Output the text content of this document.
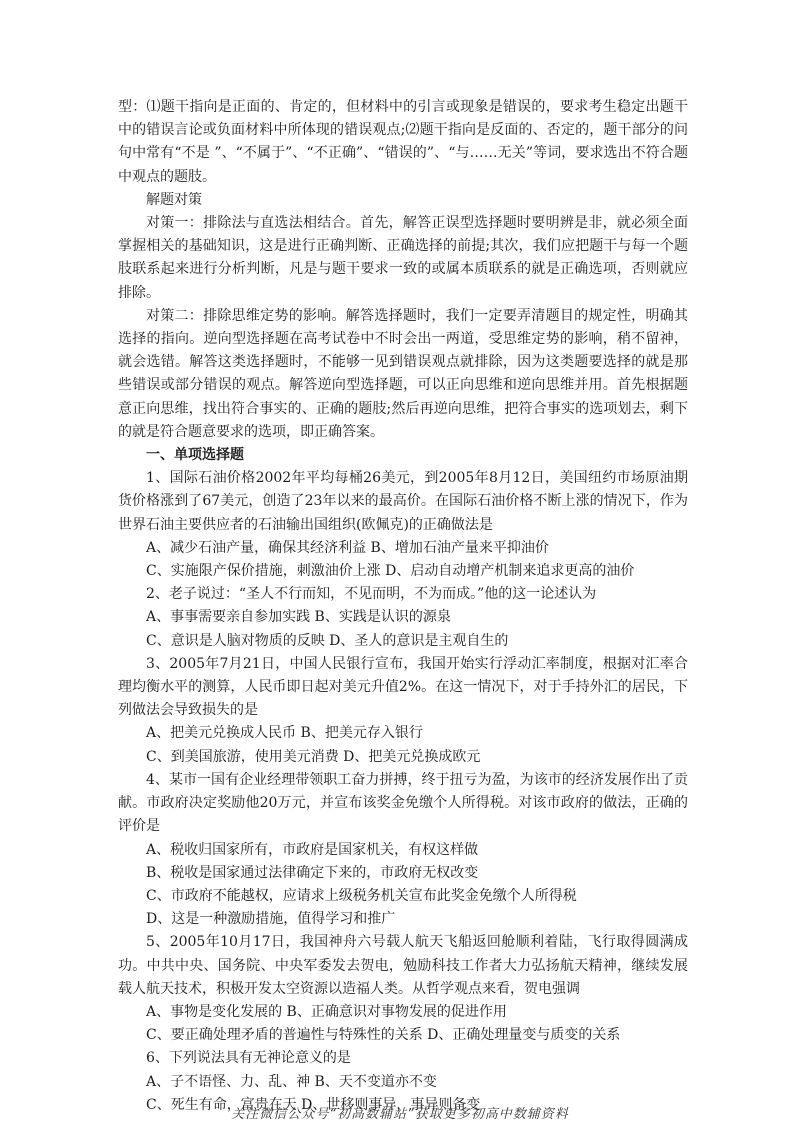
型：⑴题干指向是正面的、肯定的，但材料中的引言或现象是错误的，要求考生稳定出题干中的错误言论或负面材料中所体现的错误观点;⑵题干指向是反面的、否定的，题干部分的问句中常有“不是 ”、“不属于”、“不正确”、“错误的”、“与……无关”等词，要求选出不符合题中观点的题肢。

解题对策

对策一：排除法与直选法相结合。首先，解答正误型选择题时要明辨是非，就必须全面掌握相关的基础知识，这是进行正确判断、正确选择的前提;其次，我们应把题干与每一个题肢联系起来进行分析判断，凡是与题干要求一致的或属本质联系的就是正确选项，否则就应排除。

对策二：排除思维定势的影响。解答选择题时，我们一定要弄清题目的规定性，明确其选择的指向。逆向型选择题在高考试卷中不时会出一两道，受思维定势的影响，稍不留神，就会选错。解答这类选择题时，不能够一见到错误观点就排除，因为这类题要选择的就是那些错误或部分错误的观点。解答逆向型选择题，可以正向思维和逆向思维并用。首先根据题意正向思维，找出符合事实的、正确的题肢;然后再逆向思维，把符合事实的选项划去，剩下的就是符合题意要求的选项，即正确答案。

一、单项选择题

1、国际石油价格2002年平均每桶26美元，到2005年8月12日，美国纽约市场原油期货价格涨到了67美元，创造了23年以来的最高价。在国际石油价格不断上涨的情况下，作为世界石油主要供应者的石油输出国组织(欧佩克)的正确做法是

A、减少石油产量，确保其经济利益 B、增加石油产量来平抑油价

C、实施限产保价措施，刺激油价上涨 D、启动自动增产机制来追求更高的油价

2、老子说过：“圣人不行而知，不见而明，不为而成。”他的这一论述认为

A、事事需要亲自参加实践 B、实践是认识的源泉

C、意识是人脑对物质的反映 D、圣人的意识是主观自生的

3、2005年7月21日，中国人民银行宣布，我国开始实行浮动汇率制度，根据对汇率合理均衡水平的测算，人民币即日起对美元升值2%。在这一情况下，对于手持外汇的居民，下列做法会导致损失的是

A、把美元兑换成人民币 B、把美元存入银行

C、到美国旅游，使用美元消费 D、把美元兑换成欧元

4、某市一国有企业经理带领职工奋力拼搏，终于扭亏为盈，为该市的经济发展作出了贡献。市政府决定奖励他20万元，并宣布该奖金免缴个人所得税。对该市政府的做法，正确的评价是

A、税收归国家所有，市政府是国家机关，有权这样做

B、税收是国家通过法律确定下来的，市政府无权改变

C、市政府不能越权，应请求上级税务机关宣布此奖金免缴个人所得税

D、这是一种激励措施，值得学习和推广

5、2005年10月17日，我国神舟六号载人航天飞船返回舱顺利着陆，飞行取得圆满成功。中共中央、国务院、中央军委发去贺电，勉励科技工作者大力弘扬航天精神，继续发展载人航天技术，积极开发太空资源以造福人类。从哲学观点来看，贺电强调

A、事物是变化发展的 B、正确意识对事物发展的促进作用

C、要正确处理矛盾的普遍性与特殊性的关系 D、正确处理量变与质变的关系

6、下列说法具有无神论意义的是

A、子不语怪、力、乱、神 B、天不变道亦不变

C、死生有命，富贵在天 D、世移则事异，事异则备变

关注微信公众号“初高数辅站”获取更多初高中数辅资料
